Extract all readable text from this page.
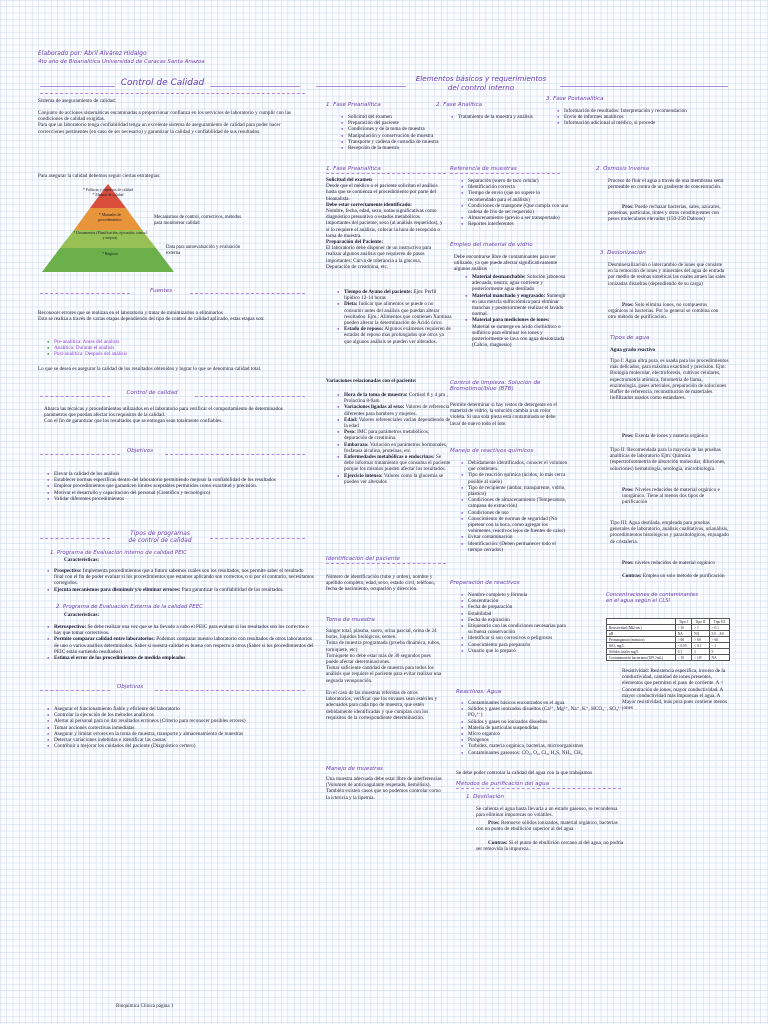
Elaborado por: Abril Alvárez Hidalgo
4to año de Bioanalitica Universidad de Caracas Santa Anazoa
Control de Calidad
Sistema de aseguramiento de calidad:
Conjunto de acciones sistemáticas encaminadas a proporcionar confianza en los servicios de laboratorio y cumplir con las condiciones de calidad exigidas.
Para que un laboratorio tenga confiabilidad tenga un excelente sistema de aseguramiento de calidad para poder hacer correcciones pertinentes (en caso de ser necesario) y garantizar la calidad y confiabilidad de sus resultados.
Para asegurar la calidad debemos seguir ciertas estrategias:
* Políticas y objetivos de calidad
* Manual de calidad
* Manuales de procedimientos
* Documentos (Planificación, ejecución, control y mejora)
* Registro
Mecanismos de control, correctivos, métodos para monitorear calidad
Data para autoevaluación y evaluación externa
Fuentes
Reconocer errores que se realizan en el laboratorio y tratar de minimizarlos o eliminarlos
Esto se realiza a través de varias etapas dependiendo del tipo de control de calidad aplicado, estas etapas son:
● Pre-analítica: Antes del análisis
● Analítica: Durante el análisis
● Post-analítica: Después del análisis
Lo que se desea es asegurar la calidad de los resultados obtenidos y lograr lo que se denomina calidad total.
Control de calidad
Abarca las técnicas y procedimientos utilizados en el laboratorio para verificar el comportamiento de determinados parámetros que puedan afectar los requisitos de la calidad.
Con el fin de garantizar que los resultados que se entregan sean totalmente confiables.
Objetivos
● Elevar la calidad de los análisis
● Establecer normas específicas dentro del laboratorio permitiendo mejorar la confiabilidad de los resultados
● Emplear procedimientos que garanticen límites aceptables permitidos como exactitud y precisión.
● Motivar el desarrollo y capacitación del personal (Científico y tecnológico)
● Validar diferentes procedimientos
Tipos de programas
de control de calidad
1. Programa de Evaluación interno de calidad PEIC
Características:
● Prospectivo: Implementa procedimientos que a futuro sabemos cuáles son los resultados, nos permite saber el resultado final con el fin de poder evaluar si los procedimientos que estamos aplicando son correctos, o si por el contrario, necesitamos corregirlos.
● Ejecuta mecanismos para disminuir y/o eliminar errores: Para garantizar la confiabilidad de los resultados.
2. Programa de Evaluación Externa de la calidad PEEC
Características:
● Retrospectivo: Se debe realizar una vez que se ha llevado a cabo el PEIC para evaluar si los resultados son los correctos o hay que tomar correctivos.
● Permite comparar calidad entre laboratorios: Podemos comparar nuestro laboratorio con resultados de otros laboratorios de uno o varios análisis determinados. Saber si nuestra calidad es buena con respecto a otros (Saber si los procedimientos del PEIC están surtiendo resultados)
● Estima el error de los procedimientos de medida empleados
Objetivos
● Asegurar el funcionamiento fiable y eficiente del laboratorio
● Controlar la ejecución de los métodos analíticos
● Alertar al personal para no dar resultados erróneos (Criterio para reconocer posibles errores)
● Tomar acciones correctivas inmediatas
● Asegurar y limitar errores en la toma de muestra, transporte y almacenamiento de muestras
● Detectar variaciones indebidas e identificar las causas
● Contribuir a mejorar los cuidados del paciente (Diagnóstico certero)
Elementos básicos y requerimientos
del control interno
1. Fase Preanalítica	2. Fase Analítica
3. Fase Postanalítica
● Solicitud del examen
● Preparación del paciente
● Condiciones y de la toma de muestra
● Manipulación y conservación de muestra
● Transporte y cadena de custodia de muestra
● Recepción de la muestra
● Tratamiento de la muestra y análisis
● Información de resultados: Interpretación y recomendación
● Envío de informes analíticos
● Información adicional al médico, si procede
1. Fase Preanalítica
Solicitud del examen
Desde que el médico o el paciente solicitan el análisis hasta que se comienza el procedimiento por parte del bioanalista.
Debe estar correctamente identificado:
Nombre, fecha, edad, sexo, notas significativas como diagnóstico presuntivo o estados metabólicos importantes del paciente, sexo (al análisis requeridos), y si lo requiere el análisis, colocar la hora de recepción o toma de muestra.
Preparación del Paciente:
El laboratorio debe disponer de un instructivo para realizar algunos análisis que requieren de pasos importantes: Curva de tolerancia a la glucosa, Depuración de creatinina, etc.
● Tiempo de Ayuno del paciente: Ejm: Perfil lipídico 12-14 horas
● Dieta: Indicar que alimentos se puede o no consumir antes del análisis que puedan alterar resultados. Ejm.: Alimentos que contienen Xantinas pueden alterar la determinación de Ácido úrico
● Estado de reposo: Algunos exámenes requieren de estados de reposo mas prolongados que otros ya que algunos análisis se pueden ver alterados.
Variaciones relacionadas con el paciente:
● Hora de la toma de muestra: Cortisol 8 y 4 pm , Prolactina 8-9am
● Variaciones ligadas al sexo: Valores de referencia diferentes para hombres y mujeres.
● Edad: Valores referenciales varían dependiendo de la edad
● Peso: IMC para parámetros metabólicos, depuración de creatinina.
● Embarazo: Variación en parámetros hormonales, fosfatasa alcalina, proteínas, etc.
● Enfermedades metabólicas o endocrinas: Se debe informar tratamiento que consuma el paciente porque los mismos pueden afectar los resultados.
● Ejercicio intenso: Valores como la glucemia se pueden ver alterados
Identificación del paciente
Número de identificación (tubo y orden), nombre y apellido completo, edad, sexo, estado civil, teléfono, fecha de nacimiento, ocupación y dirección.
Toma de muestra
Sangre total, plasma, suero, orina parcial, orina de 24 horas, líquidos biológicos, semen.
Toma de muestra programada (prueba dinámica, tubos, torniquete, etc)
Torniquete no debe estar más de 30 segundos pues puede afectar determinaciones.
Tomar suficiente cantidad de muestra para todos los análisis que requiere el paciente para evitar realizar una segunda venopunción.

En el caso de las muestras referidas de otros laboratorios, verificar que los envases sean estériles y adecuados para cada tipo de muestra, que estén debidamente identificadas y que cumplan con los requisitos de la correspondiente determinación.
Manejo de muestras
Una muestra adecuada debe estar libre de interferencias (Volumen de anticoagulante respetado, hemólisis). También existen casos que no podemos controlar como la ictericia y la lipemia.
Referencia de muestras
● Separación (suero de taco celular)
● Identificación correcta
● Tiempo de envío (que no supere lo recomendado para el análisis)
● Condiciones de transporte (Que cumpla con una cadena de frío de ser requerido)
● Almacenamiento (previo a ser transportado)
● Reportes interferentes
Empleo del material de vidrio
Debe encontrarse libre de contaminantes para ser utilizado, ya que puede afectar significativamente algunos análisis
● Material desmanchable: Solución jabonosa adecuada, neutra; agua corriente y posteriormente agua destilada
● Material manchado y engrasado: Sumergir en una mezcla sulfocrómica para eliminar manchas y posteriormente realizar el lavado normal.
● Material para mediciones de iones: Material se sumerge en ácido clorhídrico o sulfúrico para eliminar los iones y posteriormente se lava con agua desionizada (Calcio, magnesio)
Control de limpieza: Solución de Bromotimol/blue (BTB)
Permite determinar si hay restos de detergente en el material de vidrio, la solución cambia a un color violeta. Si una sola pieza está contaminada se debe lavar de nuevo todo el lote.
Manejo de reactivos químicos
● Debidamente identificados, conocer el volumen que contienen.
● Tipo de reacción química (ácidos, lo más cerca posible al suelo)
● Tipo de recipiente (ámbar, transparente, vidrio, plástico)
● Condiciones de almacenamiento (Temperatura, campana de extracción)
● Condiciones de uso
● Conocimiento de normas de seguridad (No pipetear con la boca, como agregar los volúmenes, reactivos lejos de fuentes de calor)
● Evitar contaminación
● Identificación: (Deben permanecer todo el tiempo cerrados)
Preparación de reactivos
● Nombre completo y fórmula
● Concentración
● Fecha de preparación
● Estabilidad
● Fecha de expiración
● Etiquetarlo con las condiciones necesarias para su buena conservación
● Identificar si son corrosivos o peligrosos
● Conocimiento para prepararlo
● Usuario que lo preparó
Reactivos: Agua
● Contaminantes básicos encontrados en el agua
● Sólidos y gases ionizados disueltos (Ca²⁺, Mg²⁺, Na⁺, K⁺, HCO₃⁻, SO₄²⁻, PO₄³⁻)
● Sólidos y gases no ionizados disueltos
● Materia de partículas suspendidas
● Micro orgánico
● Pirógenos
● Turbidez, materia orgánica, bacterias, microorganismos
● Contaminantes gaseosos: CO₂, O₂, Cl₂, H₂S, NH₃, CH₄
Se debe poder controlar la calidad del agua con la que trabajamos
Métodos de purificación del agua
1. Destilación
Se calienta el agua hasta llevarla a un estado gaseoso, se recondensa para eliminar impurezas no volátiles.
Pros: Remueve sólidos ionizados, material orgánico, bacterias con un punto de ebullición superior al del agua
Contras: Si el punto de ebullición cercano al del agua, no podría ser removida la impureza.
2. Ósmosis Inversa
Proceso de fluir el agua a través de una membrana semi permeable en contra de un gradiente de concentración.
Pros: Puede rechazar bacterias, sales, azúcares, proteínas, partículas, tintes y otros constituyentes con pesos moleculares elevados (150-250 Daltons)
3. Desionización
Desmineralización o intercambio de iones que consiste en la remoción de iones y minerales del agua de entrada por medio de resinas sintéticas las cuales atraen las sales ionizadas disueltas (dependiendo de su carga)
Pros: Solo elimina iones, no compuestos orgánicos ni bacterias. Por lo general se combina con otro método de purificación.
Tipos de agua
Agua grado reactivo
Tipo I: Agua ultra pura, es usada para los procedimientos más delicados, para máxima exactitud y precisión. Ejm: Biología molecular, electroforesis, cultivos celulares, espectrometría atómica, fotometría de llama, enzimología, gases arteriales, preparación de soluciones Buffer de referencia, reconstitución de materiales liofilizados usados como estándares.
Pros: Exenta de iones y materia orgánica
Tipo II: Recomendada para la mayoría de las pruebas analíticas de laboratorio Ejm: Química (espectrofotometría de absorción molecular, diluciones, soluciones) hematología, serología, microbiología.
Pros: Niveles reducidos de material orgánico e inorgánico. Tiene al menos dos tipos de purificación
Tipo III: Agua destilada, empleada para pruebas generales de laboratorio, análisis cualitativos, urianálisis, procedimientos histológicos y parasitológicos, enjuagado de cristalería.
Pros: niveles reducidos de material orgánico
Contras: Emplea un solo método de purificación
Concentraciones de contaminantes
en el agua según el CLSI
	Tipo I	Tipo II	Tipo III
Resistividad (MΩ·cm)	> 10	> 1	> 0.1
pH	NA	NA	5.0 – 8.0
Permanganato (minutos)	> 60	> 60	> 60
SiO₂ mg/L	< 0.05	< 0.1	< 1
Sólidos totales mg/L	0.1	1	5
Contaminación bacteriana (UFC/mL)	< 10	< 10³	NA
Resistividad: Resistencia específica, inverso de la conductividad, cantidad de iones presentes, elementos que permiten el paso de corriente. A > Concentración de iones, mayor conductividad. A mayor conductividad más impurezas el agua. A Mayor resistividad, más pura pues contiene menos iones
Bioquímica Clínica página 1
